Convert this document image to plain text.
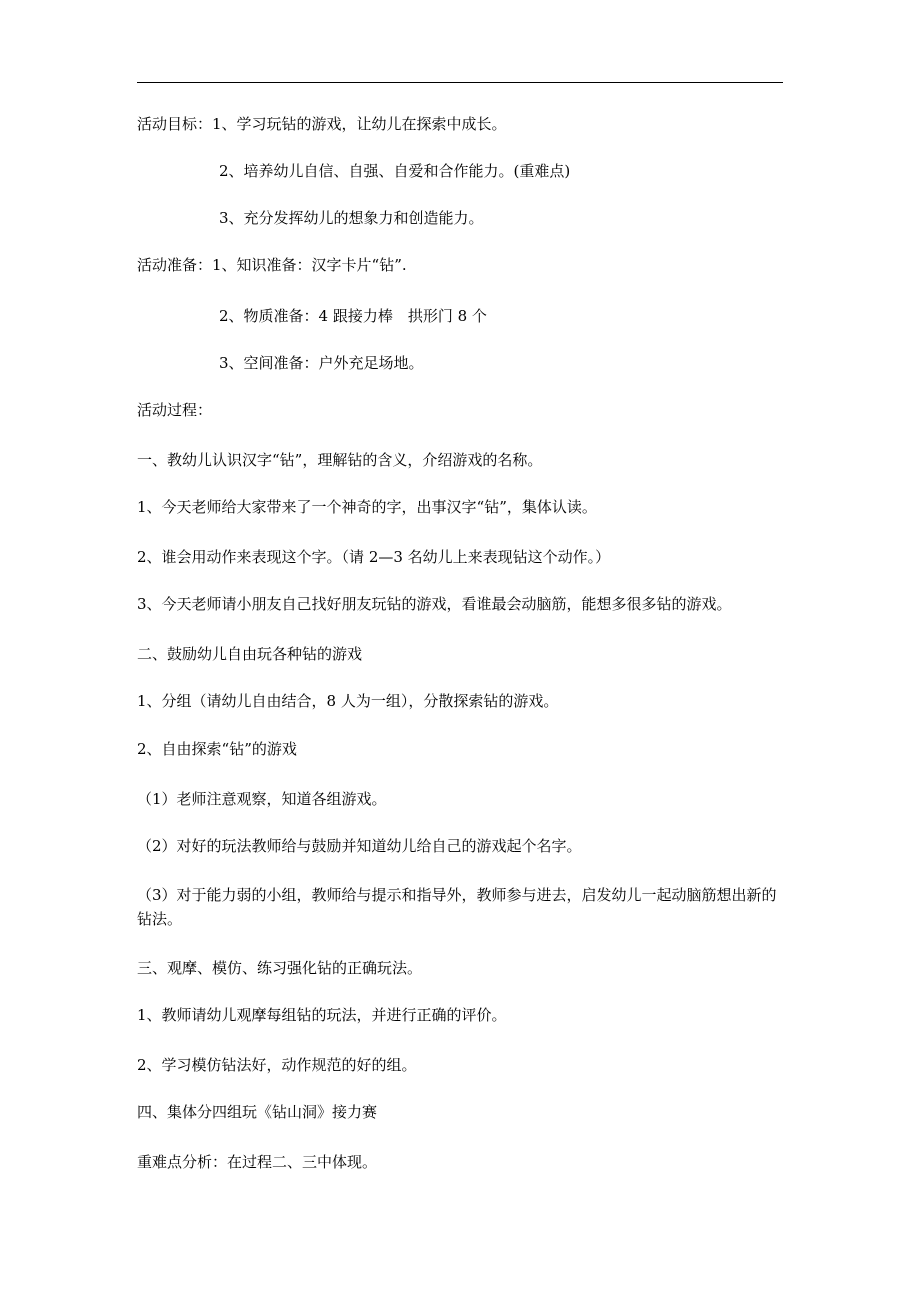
活动目标：1、学习玩钻的游戏，让幼儿在探索中成长。
2、培养幼儿自信、自强、自爱和合作能力。(重难点)
3、充分发挥幼儿的想象力和创造能力。
活动准备：1、知识准备：汉字卡片“钻”.
2、物质准备：4 跟接力棒　拱形门 8 个
3、空间准备：户外充足场地。
活动过程：
一、教幼儿认识汉字“钻”，理解钻的含义，介绍游戏的名称。
1、今天老师给大家带来了一个神奇的字，出事汉字“钻”，集体认读。
2、谁会用动作来表现这个字。（请 2—3 名幼儿上来表现钻这个动作。）
3、今天老师请小朋友自己找好朋友玩钻的游戏，看谁最会动脑筋，能想多很多钻的游戏。
二、鼓励幼儿自由玩各种钻的游戏
1、分组（请幼儿自由结合，8 人为一组），分散探索钻的游戏。
2、自由探索“钻”的游戏
（1）老师注意观察，知道各组游戏。
（2）对好的玩法教师给与鼓励并知道幼儿给自己的游戏起个名字。
（3）对于能力弱的小组，教师给与提示和指导外，教师参与进去，启发幼儿一起动脑筋想出新的钻法。
三、观摩、模仿、练习强化钻的正确玩法。
1、教师请幼儿观摩每组钻的玩法，并进行正确的评价。
2、学习模仿钻法好，动作规范的好的组。
四、集体分四组玩《钻山洞》接力赛
重难点分析：在过程二、三中体现。
